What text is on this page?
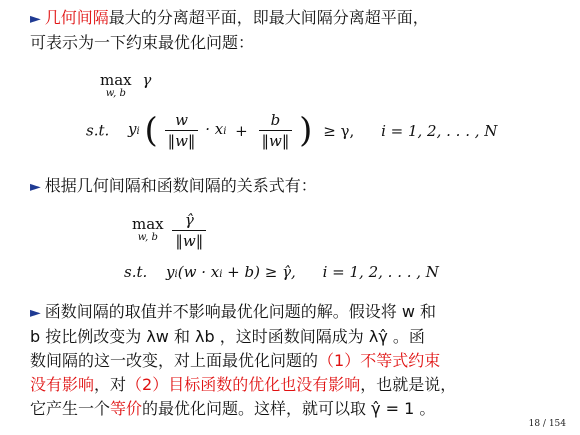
► 几何间隔最大的分离超平面，即最大间隔分离超平面，
可表示为一下约束最优化问题：
max

w, b
γ
s.t. yi ( $\frac{w}{‖w‖}$ · xi + $\frac{b}{‖w‖}$ ) ≥ γ, i = 1, 2, . . . , N
► 根据几何间隔和函数间隔的关系式有：
max

w, b
$\frac{\gammâ}{‖w‖}$
s.t. yi(w · xi + b) ≥ γ̂, i = 1, 2, . . . , N
► 函数间隔的取值并不影响最优化问题的解。假设将 w 和
b 按比例改变为 λw 和 λb ，这时函数间隔成为 λγ̂ 。函
数间隔的这一改变，对上面最优化问题的（1）不等式约束
没有影响，对（2）目标函数的优化也没有影响，也就是说，
它产生一个等价的最优化问题。这样，就可以取 γ̂ = 1 。
18 / 154
